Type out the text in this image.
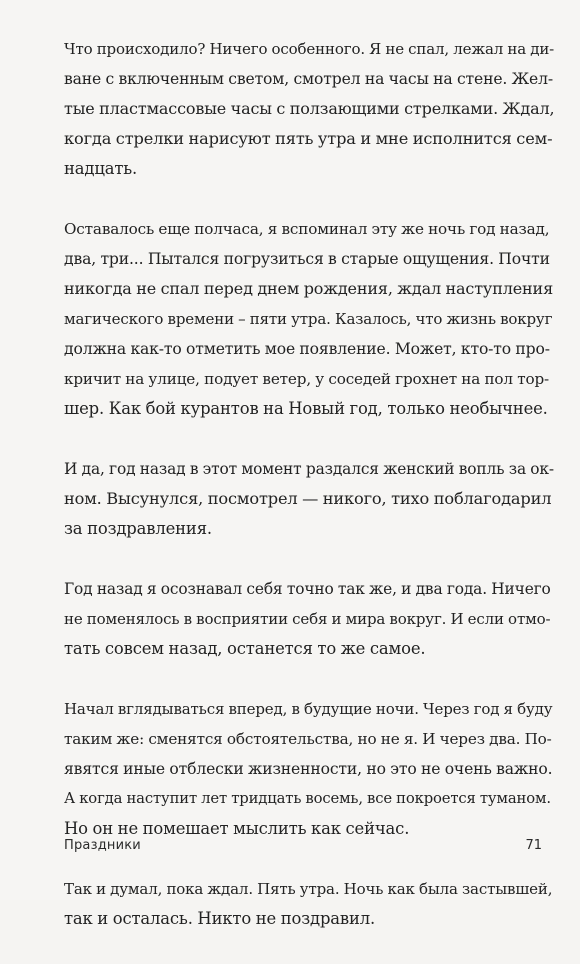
Что происходило? Ничего особенного. Я не спал, лежал на ди-
ване с включенным светом, смотрел на часы на стене. Жел-
тые пластмассовые часы с ползающими стрелками. Ждал,
когда стрелки нарисуют пять утра и мне исполнится сем-
надцать.

Оставалось еще полчаса, я вспоминал эту же ночь год назад,
два, три... Пытался погрузиться в старые ощущения. Почти
никогда не спал перед днем рождения, ждал наступления
магического времени – пяти утра. Казалось, что жизнь вокруг
должна как-то отметить мое появление. Может, кто-то про-
кричит на улице, подует ветер, у соседей грохнет на пол тор-
шер. Как бой курантов на Новый год, только необычнее.

И да, год назад в этот момент раздался женский вопль за ок-
ном. Высунулся, посмотрел — никого, тихо поблагодарил
за поздравления.

Год назад я осознавал себя точно так же, и два года. Ничего
не поменялось в восприятии себя и мира вокруг. И если отмо-
тать совсем назад, останется то же самое.

Начал вглядываться вперед, в будущие ночи. Через год я буду
таким же: сменятся обстоятельства, но не я. И через два. По-
явятся иные отблески жизненности, но это не очень важно.
А когда наступит лет тридцать восемь, все покроется туманом.
Но он не помешает мыслить как сейчас.

Так и думал, пока ждал. Пять утра. Ночь как была застывшей,
так и осталась. Никто не поздравил.

Праздники	71
